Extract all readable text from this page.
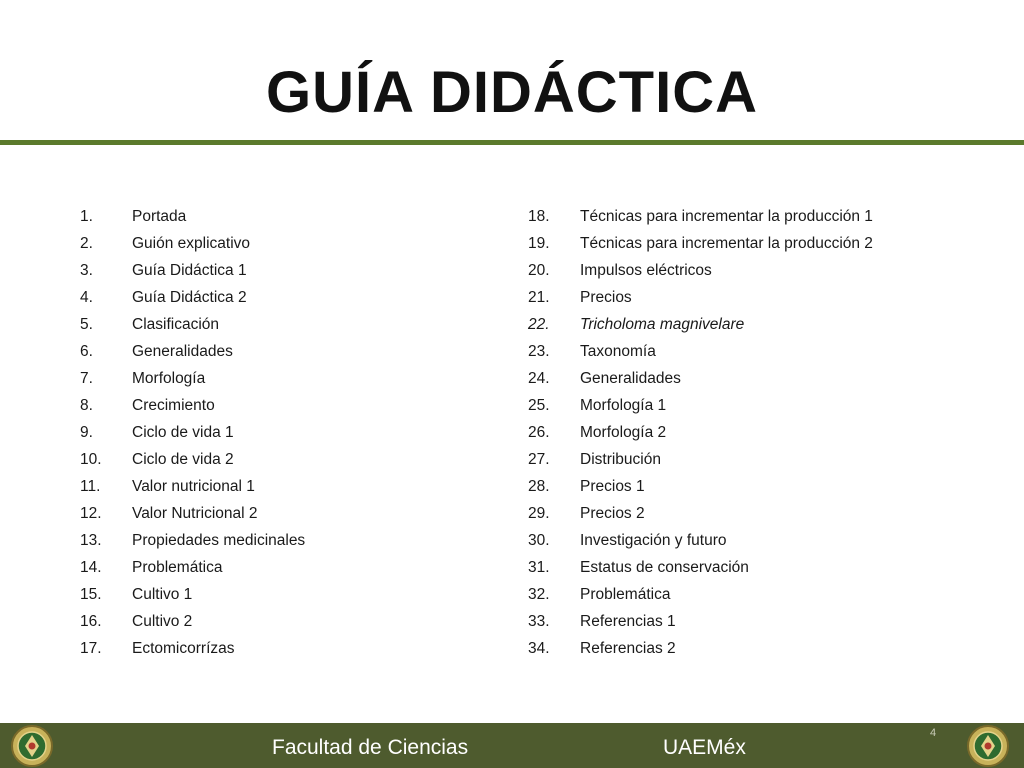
GUÍA DIDÁCTICA
1.	Portada
2.	Guión explicativo
3.	Guía Didáctica 1
4.	Guía Didáctica 2
5.	Clasificación
6.	Generalidades
7.	Morfología
8.	Crecimiento
9.	Ciclo de vida 1
10.	Ciclo de vida 2
11.	Valor nutricional 1
12.	Valor Nutricional 2
13.	Propiedades medicinales
14.	Problemática
15.	Cultivo 1
16.	Cultivo 2
17.	Ectomicorrízas
18.	Técnicas para incrementar la producción 1
19.	Técnicas para incrementar la producción 2
20.	Impulsos eléctricos
21.	Precios
22.	Tricholoma magnivelare
23.	Taxonomía
24.	Generalidades
25.	Morfología 1
26.	Morfología 2
27.	Distribución
28.	Precios 1
29.	Precios 2
30.	Investigación y futuro
31.	Estatus de conservación
32.	Problemática
33.	Referencias 1
34.	Referencias 2
Facultad de Ciencias	UAEMéx
4
